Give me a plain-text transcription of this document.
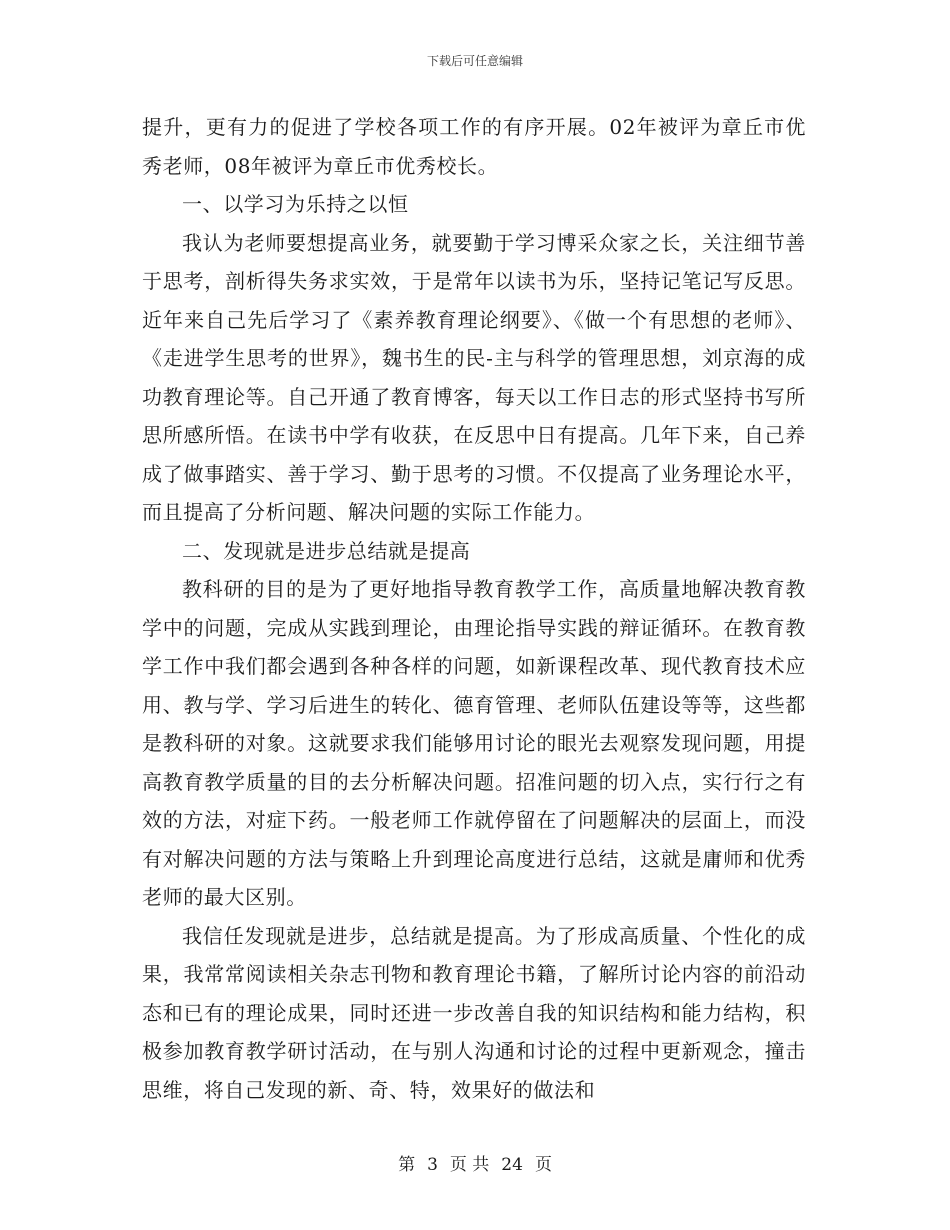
下载后可任意编辑

提升，更有力的促进了学校各项工作的有序开展。02年被评为章丘市优秀老师，08年被评为章丘市优秀校长。

一、以学习为乐持之以恒

我认为老师要想提高业务，就要勤于学习博采众家之长，关注细节善于思考，剖析得失务求实效，于是常年以读书为乐，坚持记笔记写反思。近年来自己先后学习了《素养教育理论纲要》、《做一个有思想的老师》、《走进学生思考的世界》，魏书生的民-主与科学的管理思想，刘京海的成功教育理论等。自己开通了教育博客，每天以工作日志的形式坚持书写所思所感所悟。在读书中学有收获，在反思中日有提高。几年下来，自己养成了做事踏实、善于学习、勤于思考的习惯。不仅提高了业务理论水平，而且提高了分析问题、解决问题的实际工作能力。

二、发现就是进步总结就是提高

教科研的目的是为了更好地指导教育教学工作，高质量地解决教育教学中的问题，完成从实践到理论，由理论指导实践的辩证循环。在教育教学工作中我们都会遇到各种各样的问题，如新课程改革、现代教育技术应用、教与学、学习后进生的转化、德育管理、老师队伍建设等等，这些都是教科研的对象。这就要求我们能够用讨论的眼光去观察发现问题，用提高教育教学质量的目的去分析解决问题。招准问题的切入点，实行行之有效的方法，对症下药。一般老师工作就停留在了问题解决的层面上，而没有对解决问题的方法与策略上升到理论高度进行总结，这就是庸师和优秀老师的最大区别。

我信任发现就是进步，总结就是提高。为了形成高质量、个性化的成果，我常常阅读相关杂志刊物和教育理论书籍，了解所讨论内容的前沿动态和已有的理论成果，同时还进一步改善自我的知识结构和能力结构，积极参加教育教学研讨活动，在与别人沟通和讨论的过程中更新观念，撞击思维，将自己发现的新、奇、特，效果好的做法和

第 3 页 共 24 页
